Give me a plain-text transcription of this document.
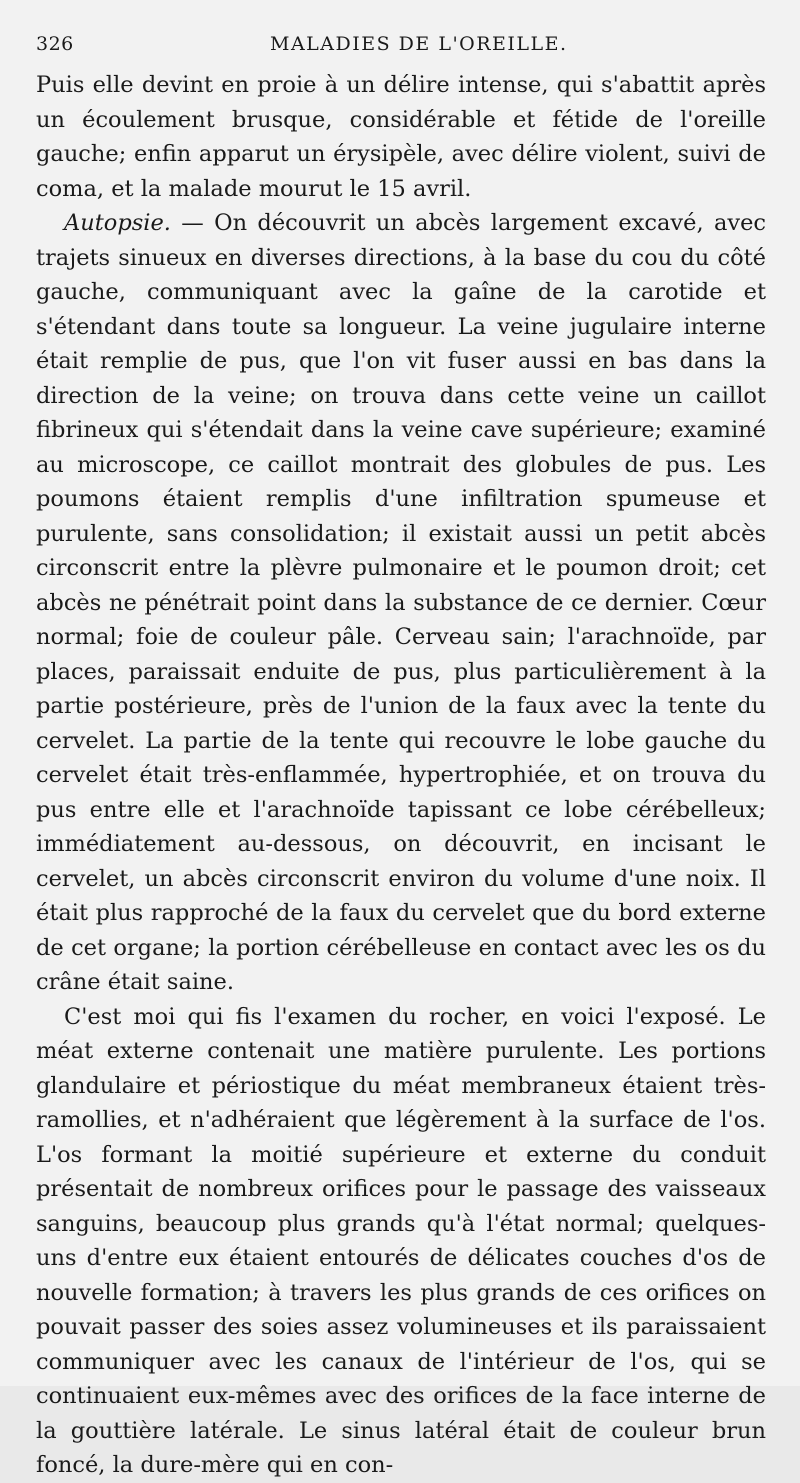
326	MALADIES DE L'OREILLE.

Puis elle devint en proie à un délire intense, qui s'abattit après un écoulement brusque, considérable et fétide de l'oreille gauche; enfin apparut un érysipèle, avec délire violent, suivi de coma, et la malade mourut le 15 avril.

Autopsie. — On découvrit un abcès largement excavé, avec trajets sinueux en diverses directions, à la base du cou du côté gauche, communiquant avec la gaîne de la carotide et s'étendant dans toute sa longueur. La veine jugulaire interne était remplie de pus, que l'on vit fuser aussi en bas dans la direction de la veine; on trouva dans cette veine un caillot fibrineux qui s'étendait dans la veine cave supérieure; examiné au microscope, ce caillot montrait des globules de pus. Les poumons étaient remplis d'une infiltration spumeuse et purulente, sans consolidation; il existait aussi un petit abcès circonscrit entre la plèvre pulmonaire et le poumon droit; cet abcès ne pénétrait point dans la substance de ce dernier. Cœur normal; foie de couleur pâle. Cerveau sain; l'arachnoïde, par places, paraissait enduite de pus, plus particulièrement à la partie postérieure, près de l'union de la faux avec la tente du cervelet. La partie de la tente qui recouvre le lobe gauche du cervelet était très-enflammée, hypertrophiée, et on trouva du pus entre elle et l'arachnoïde tapissant ce lobe cérébelleux; immédiatement au-dessous, on découvrit, en incisant le cervelet, un abcès circonscrit environ du volume d'une noix. Il était plus rapproché de la faux du cervelet que du bord externe de cet organe; la portion cérébelleuse en contact avec les os du crâne était saine.

C'est moi qui fis l'examen du rocher, en voici l'exposé. Le méat externe contenait une matière purulente. Les portions glandulaire et périostique du méat membraneux étaient très-ramollies, et n'adhéraient que légèrement à la surface de l'os. L'os formant la moitié supérieure et externe du conduit présentait de nombreux orifices pour le passage des vaisseaux sanguins, beaucoup plus grands qu'à l'état normal; quelques-uns d'entre eux étaient entourés de délicates couches d'os de nouvelle formation; à travers les plus grands de ces orifices on pouvait passer des soies assez volumineuses et ils paraissaient communiquer avec les canaux de l'intérieur de l'os, qui se continuaient eux-mêmes avec des orifices de la face interne de la gouttière latérale. Le sinus latéral était de couleur brun foncé, la dure-mère qui en con-
